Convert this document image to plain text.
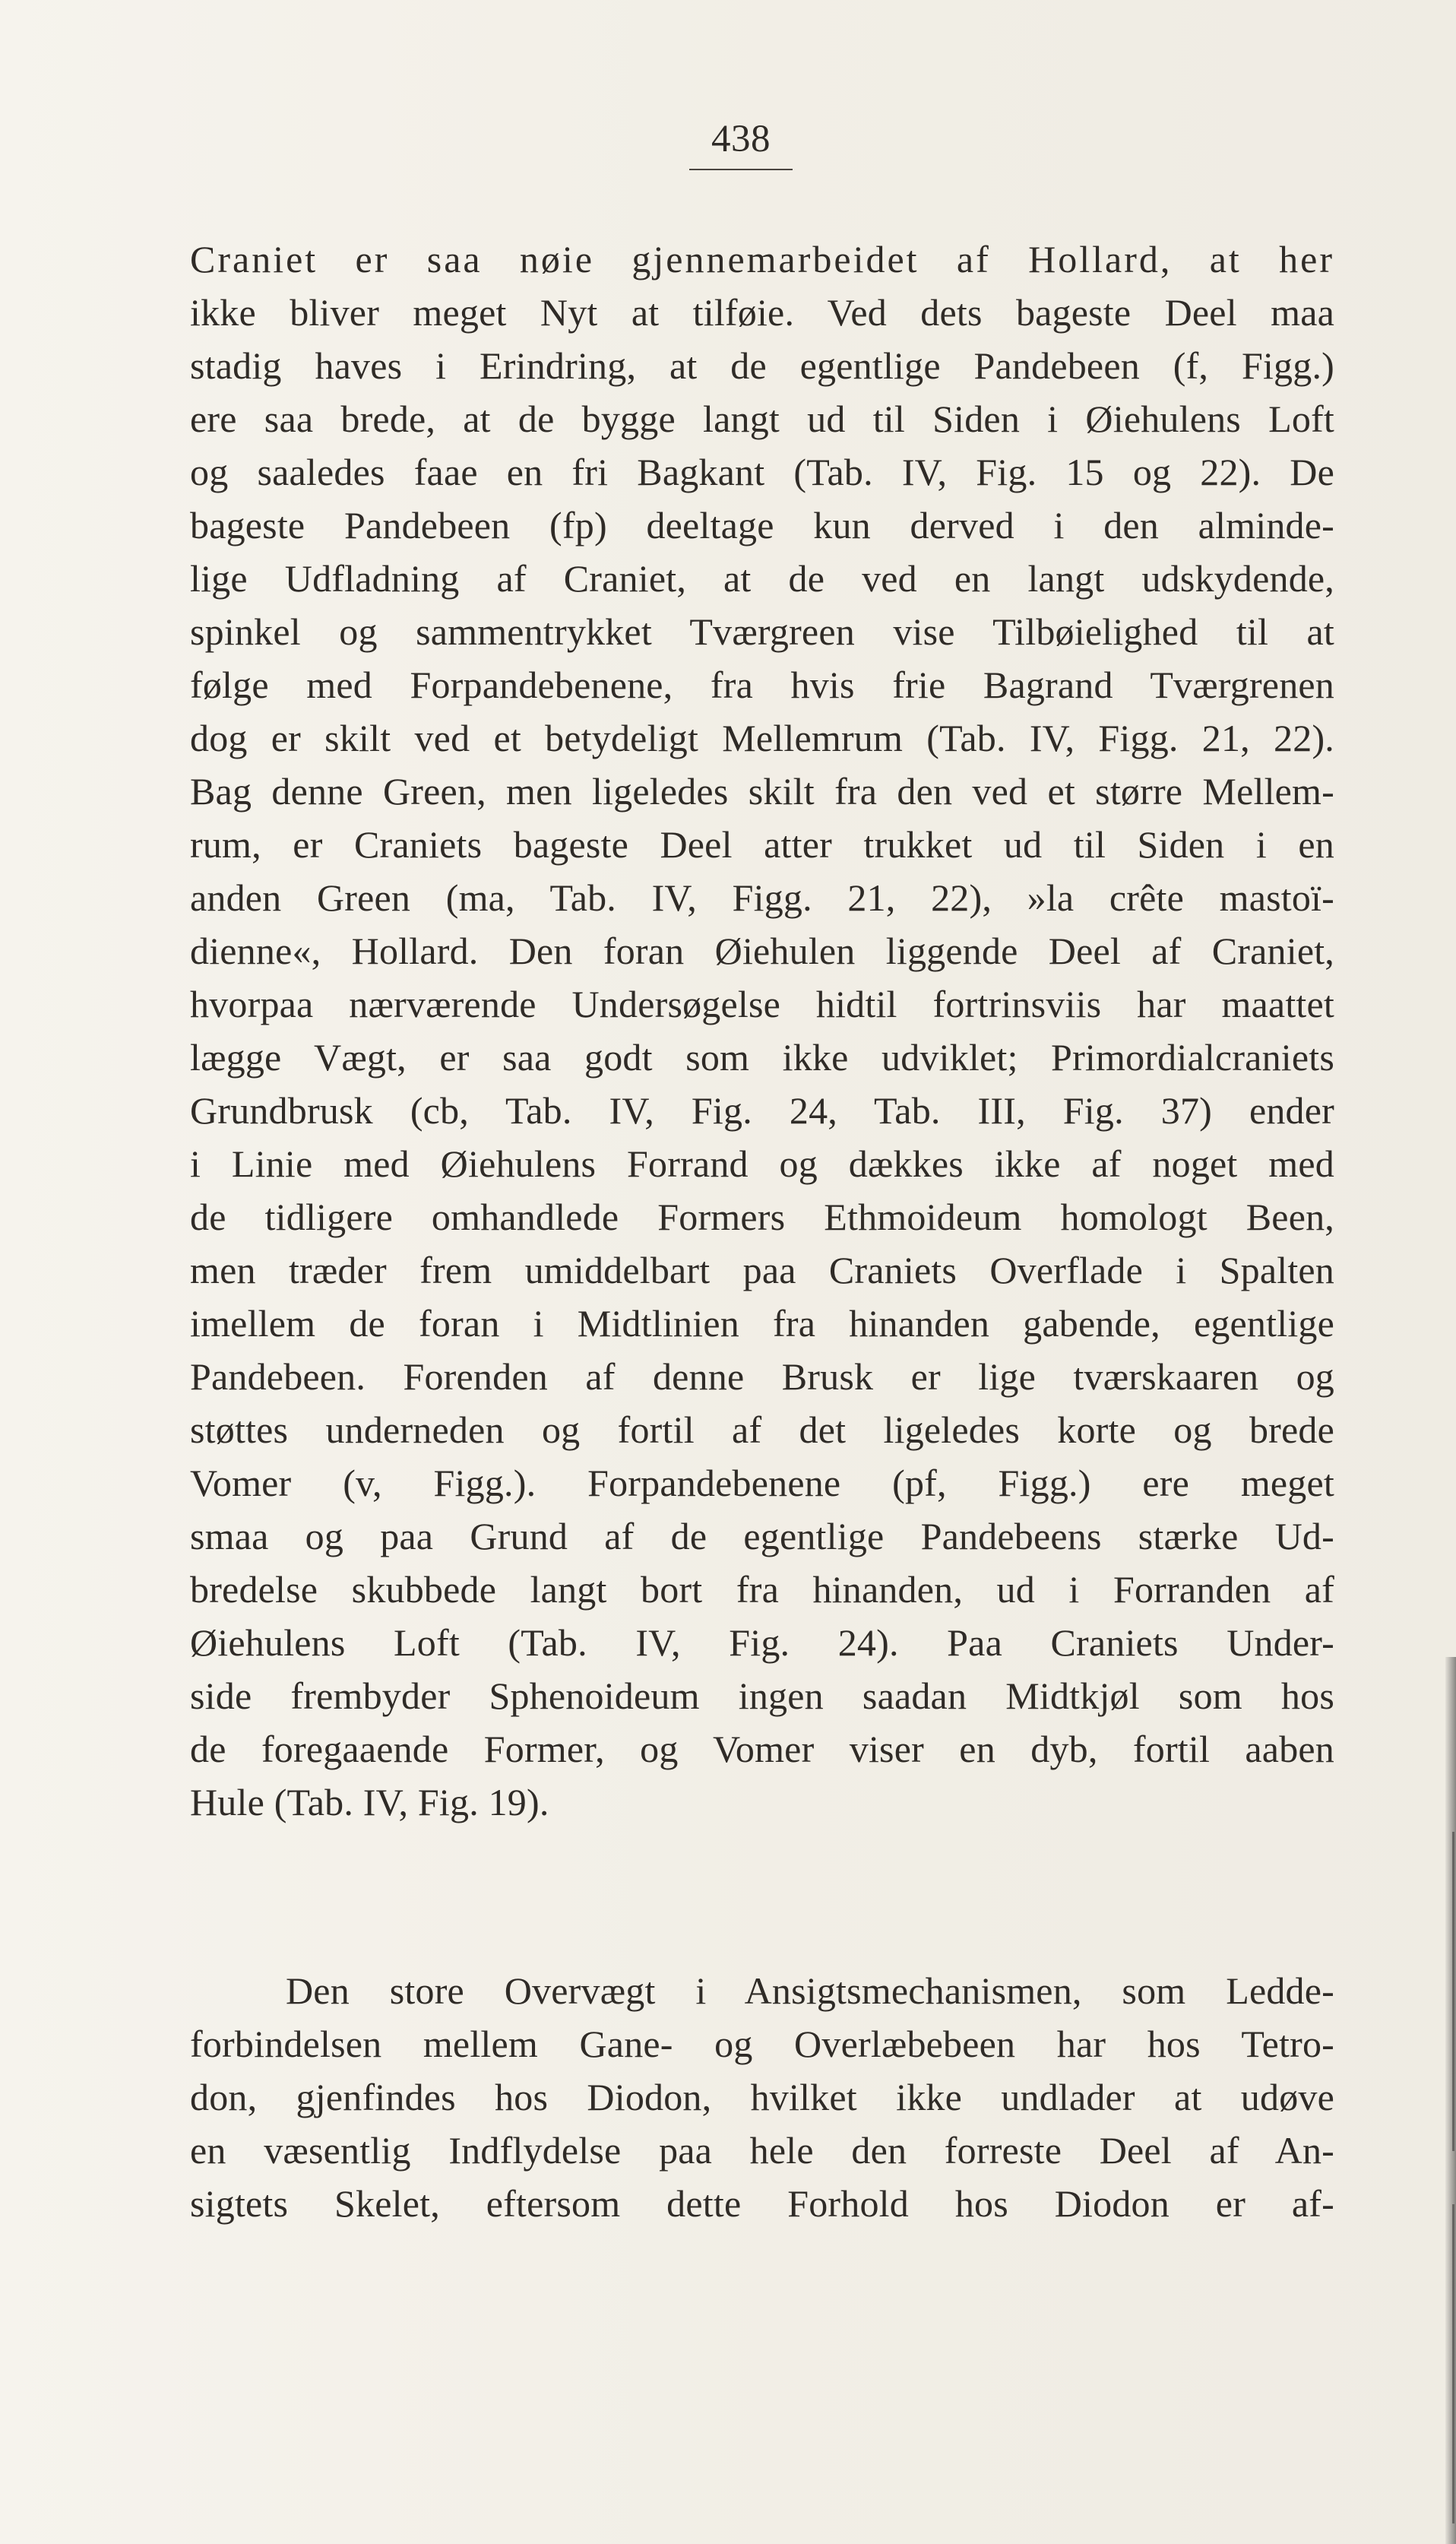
438
Craniet er saa nøie gjennemarbeidet af Hollard, at her
ikke bliver meget Nyt at tilføie. Ved dets bageste Deel maa
stadig haves i Erindring, at de egentlige Pandebeen (f, Figg.)
ere saa brede, at de bygge langt ud til Siden i Øiehulens Loft
og saaledes faae en fri Bagkant (Tab. IV, Fig. 15 og 22). De
bageste Pandebeen (fp) deeltage kun derved i den alminde-
lige Udfladning af Craniet, at de ved en langt udskydende,
spinkel og sammentrykket Tværgreen vise Tilbøielighed til at
følge med Forpandebenene, fra hvis frie Bagrand Tværgrenen
dog er skilt ved et betydeligt Mellemrum (Tab. IV, Figg. 21, 22).
Bag denne Green, men ligeledes skilt fra den ved et større Mellem-
rum, er Craniets bageste Deel atter trukket ud til Siden i en
anden Green (ma, Tab. IV, Figg. 21, 22), »la crête mastoï-
dienne«, Hollard. Den foran Øiehulen liggende Deel af Craniet,
hvorpaa nærværende Undersøgelse hidtil fortrinsviis har maattet
lægge Vægt, er saa godt som ikke udviklet; Primordialcraniets
Grundbrusk (cb, Tab. IV, Fig. 24, Tab. III, Fig. 37) ender
i Linie med Øiehulens Forrand og dækkes ikke af noget med
de tidligere omhandlede Formers Ethmoideum homologt Been,
men træder frem umiddelbart paa Craniets Overflade i Spalten
imellem de foran i Midtlinien fra hinanden gabende, egentlige
Pandebeen. Forenden af denne Brusk er lige tværskaaren og
støttes underneden og fortil af det ligeledes korte og brede
Vomer (v, Figg.). Forpandebenene (pf, Figg.) ere meget
smaa og paa Grund af de egentlige Pandebeens stærke Ud-
bredelse skubbede langt bort fra hinanden, ud i Forranden af
Øiehulens Loft (Tab. IV, Fig. 24). Paa Craniets Under-
side frembyder Sphenoideum ingen saadan Midtkjøl som hos
de foregaaende Former, og Vomer viser en dyb, fortil aaben
Hule (Tab. IV, Fig. 19).
Den store Overvægt i Ansigtsmechanismen, som Ledde-
forbindelsen mellem Gane- og Overlæbebeen har hos Tetro-
don, gjenfindes hos Diodon, hvilket ikke undlader at udøve
en væsentlig Indflydelse paa hele den forreste Deel af An-
sigtets Skelet, eftersom dette Forhold hos Diodon er af-
